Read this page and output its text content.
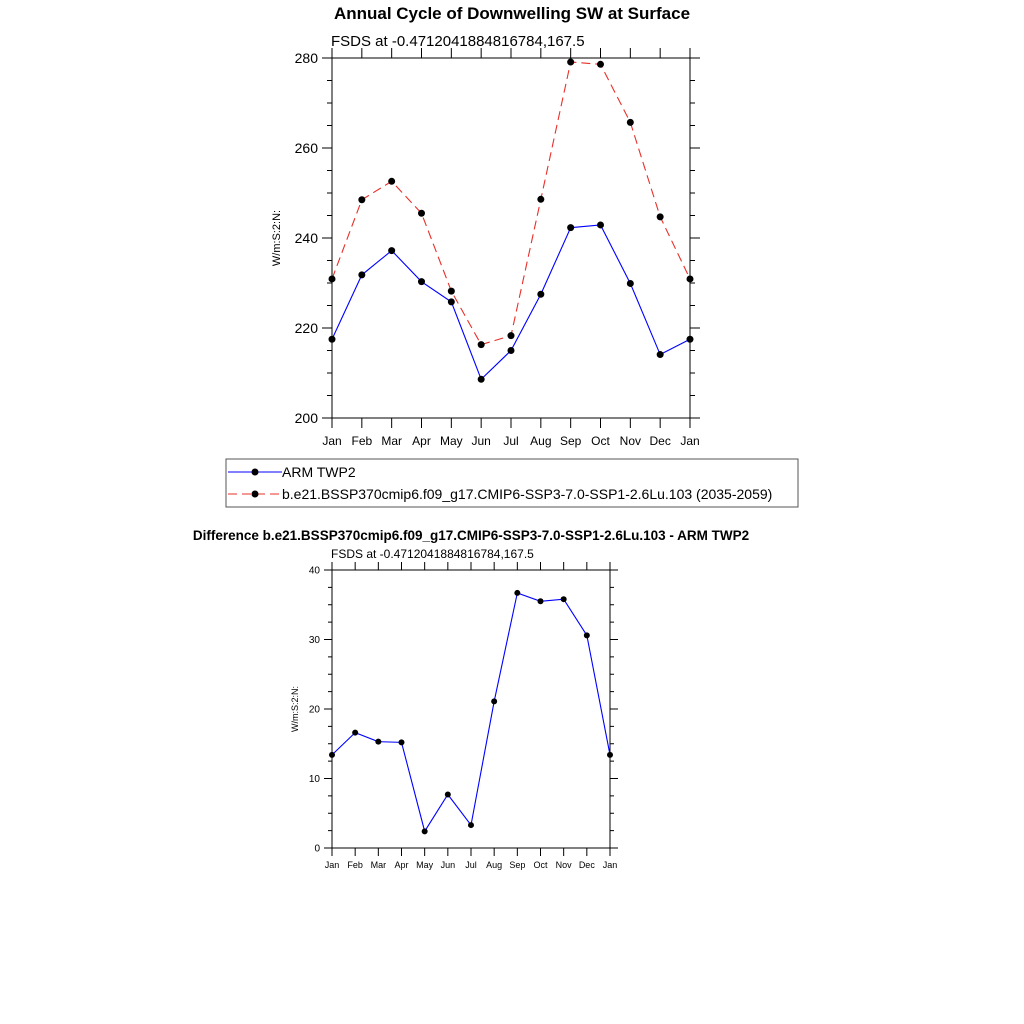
Annual Cycle of Downwelling SW at Surface
FSDS at -0.4712041884816784,167.5
200
220
240
260
280
Jan Feb Mar Apr May Jun Jul Aug Sep Oct Nov Dec Jan
W/m:S:2:N:
ARM TWP2
b.e21.BSSP370cmip6.f09_g17.CMIP6-SSP3-7.0-SSP1-2.6Lu.103 (2035-2059)
Difference b.e21.BSSP370cmip6.f09_g17.CMIP6-SSP3-7.0-SSP1-2.6Lu.103 - ARM TWP2
FSDS at -0.4712041884816784,167.5
0
10
20
30
40
Jan Feb Mar Apr May Jun Jul Aug Sep Oct Nov Dec Jan
W/m:S:2:N:
